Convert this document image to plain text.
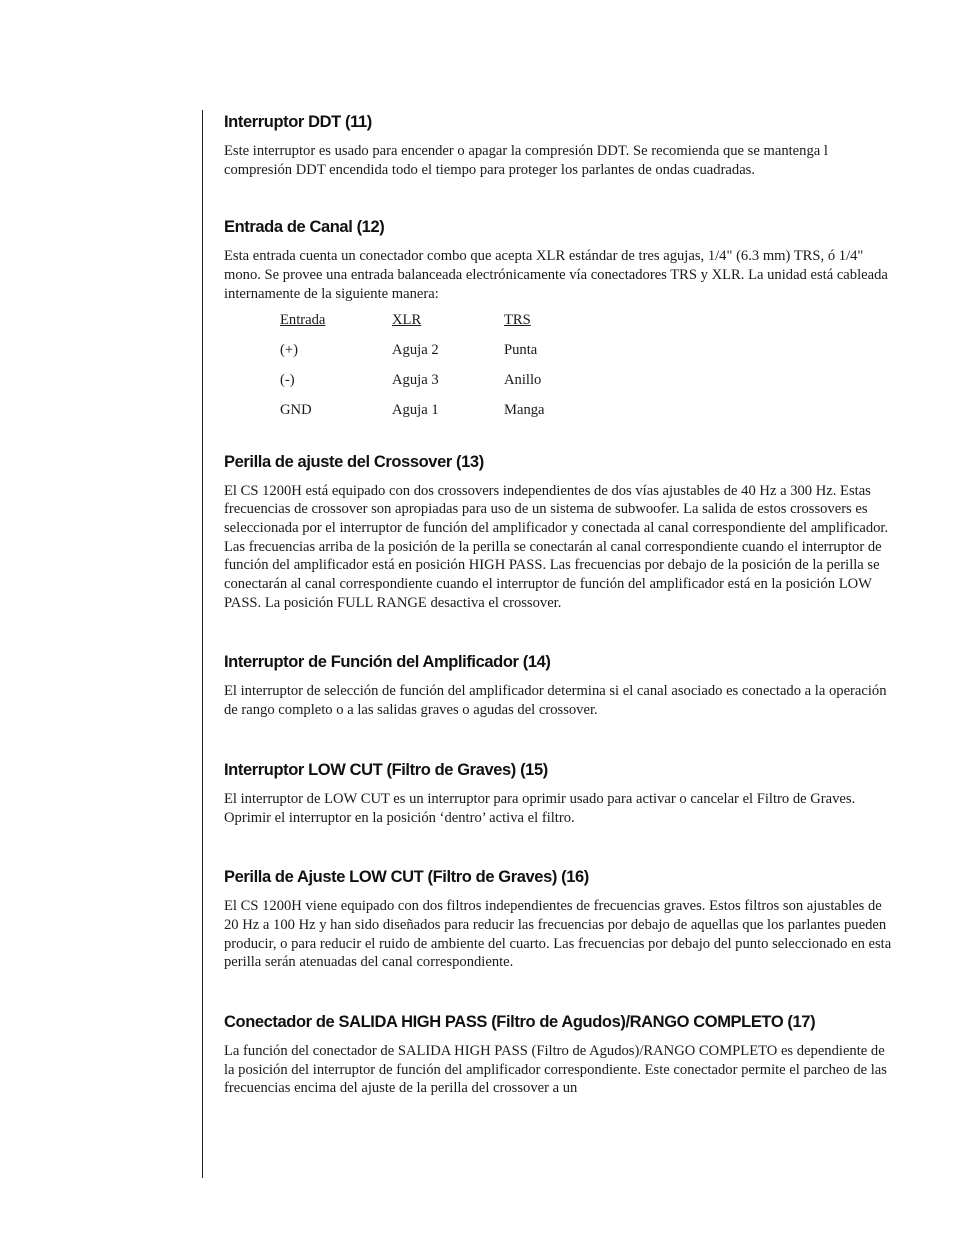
Interruptor DDT (11)

Este interruptor es usado para encender o apagar la compresión DDT. Se recomienda que se mantenga l compresión DDT encendida todo el tiempo para proteger los parlantes de ondas cuadradas.

Entrada de Canal (12)

Esta entrada cuenta un conectador combo que acepta XLR estándar de tres agujas, 1/4" (6.3 mm) TRS, ó 1/4" mono. Se provee una entrada balanceada electrónicamente vía conectadores TRS y XLR. La unidad está cableada internamente de la siguiente manera:

Entrada	XLR	TRS
(+)	Aguja 2	Punta
(-)	Aguja 3	Anillo
GND	Aguja 1	Manga
Perilla de ajuste del Crossover (13)

El CS 1200H está equipado con dos crossovers independientes de dos vías ajustables de 40 Hz a 300 Hz. Estas frecuencias de crossover son apropiadas para uso de un sistema de subwoofer. La salida de estos crossovers es seleccionada por el interruptor de función del amplificador y conectada al canal correspondiente del amplificador. Las frecuencias arriba de la posición de la perilla se conectarán al canal correspondiente cuando el interruptor de función del amplificador está en posición HIGH PASS. Las frecuencias por debajo de la posición de la perilla se conectarán al canal correspondiente cuando el interruptor de función del amplificador está en la posición LOW PASS. La posición FULL RANGE desactiva el crossover.

Interruptor de Función del Amplificador (14)

El interruptor de selección de función del amplificador determina si el canal asociado es conectado a la operación de rango completo o a las salidas graves o agudas del crossover.

Interruptor LOW CUT (Filtro de Graves) (15)

El interruptor de LOW CUT es un interruptor para oprimir usado para activar o cancelar el Filtro de Graves. Oprimir el interruptor en la posición ‘dentro’ activa el filtro.

Perilla de Ajuste LOW CUT (Filtro de Graves) (16)

El CS 1200H viene equipado con dos filtros independientes de frecuencias graves. Estos filtros son ajustables de 20 Hz a 100 Hz y han sido diseñados para reducir las frecuencias por debajo de aquellas que los parlantes pueden producir, o para reducir el ruido de ambiente del cuarto. Las frecuencias por debajo del punto seleccionado en esta perilla serán atenuadas del canal correspondiente.

Conectador de SALIDA HIGH PASS (Filtro de Agudos)/RANGO COMPLETO (17)

La función del conectador de SALIDA HIGH PASS (Filtro de Agudos)/RANGO COMPLETO es dependiente de la posición del interruptor de función del amplificador correspondiente. Este conectador permite el parcheo de las frecuencias encima del ajuste de la perilla del crossover a un
